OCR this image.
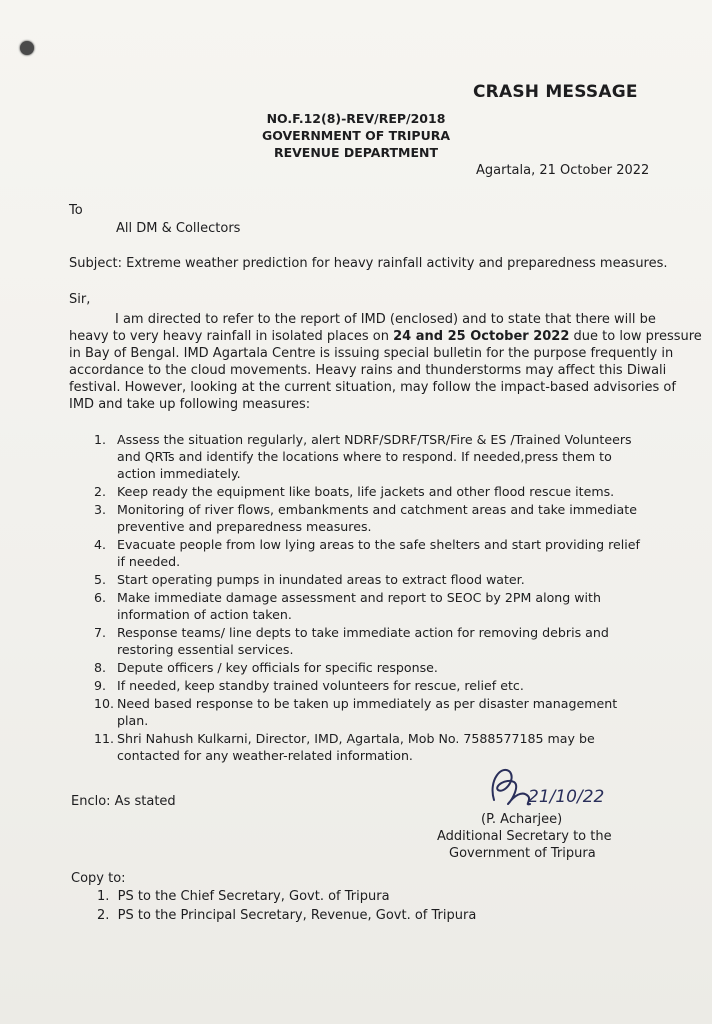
CRASH MESSAGE
NO.F.12(8)-REV/REP/2018
GOVERNMENT OF TRIPURA
REVENUE DEPARTMENT
Agartala, 21 October 2022
To
All DM & Collectors
Subject: Extreme weather prediction for heavy rainfall activity and preparedness measures.
Sir,
I am directed to refer to the report of IMD (enclosed) and to state that there will be
heavy to very heavy rainfall in isolated places on 24 and 25 October 2022 due to low pressure
in Bay of Bengal. IMD Agartala Centre is issuing special bulletin for the purpose frequently in
accordance to the cloud movements. Heavy rains and thunderstorms may affect this Diwali
festival. However, looking at the current situation, may follow the impact-based advisories of
IMD and take up following measures:
1. Assess the situation regularly, alert NDRF/SDRF/TSR/Fire & ES /Trained Volunteers and QRTs and identify the locations where to respond. If needed,press them to action immediately.
2. Keep ready the equipment like boats, life jackets and other flood rescue items.
3. Monitoring of river flows, embankments and catchment areas and take immediate preventive and preparedness measures.
4. Evacuate people from low lying areas to the safe shelters and start providing relief if needed.
5. Start operating pumps in inundated areas to extract flood water.
6. Make immediate damage assessment and report to SEOC by 2PM along with information of action taken.
7. Response teams/ line depts to take immediate action for removing debris and restoring essential services.
8. Depute officers / key officials for specific response.
9. If needed, keep standby trained volunteers for rescue, relief etc.
10. Need based response to be taken up immediately as per disaster management plan.
11. Shri Nahush Kulkarni, Director, IMD, Agartala, Mob No. 7588577185 may be contacted for any weather-related information.
Enclo: As stated	21/10/22
(P. Acharjee)
Additional Secretary to the
Government of Tripura
Copy to:
1. PS to the Chief Secretary, Govt. of Tripura
2. PS to the Principal Secretary, Revenue, Govt. of Tripura
